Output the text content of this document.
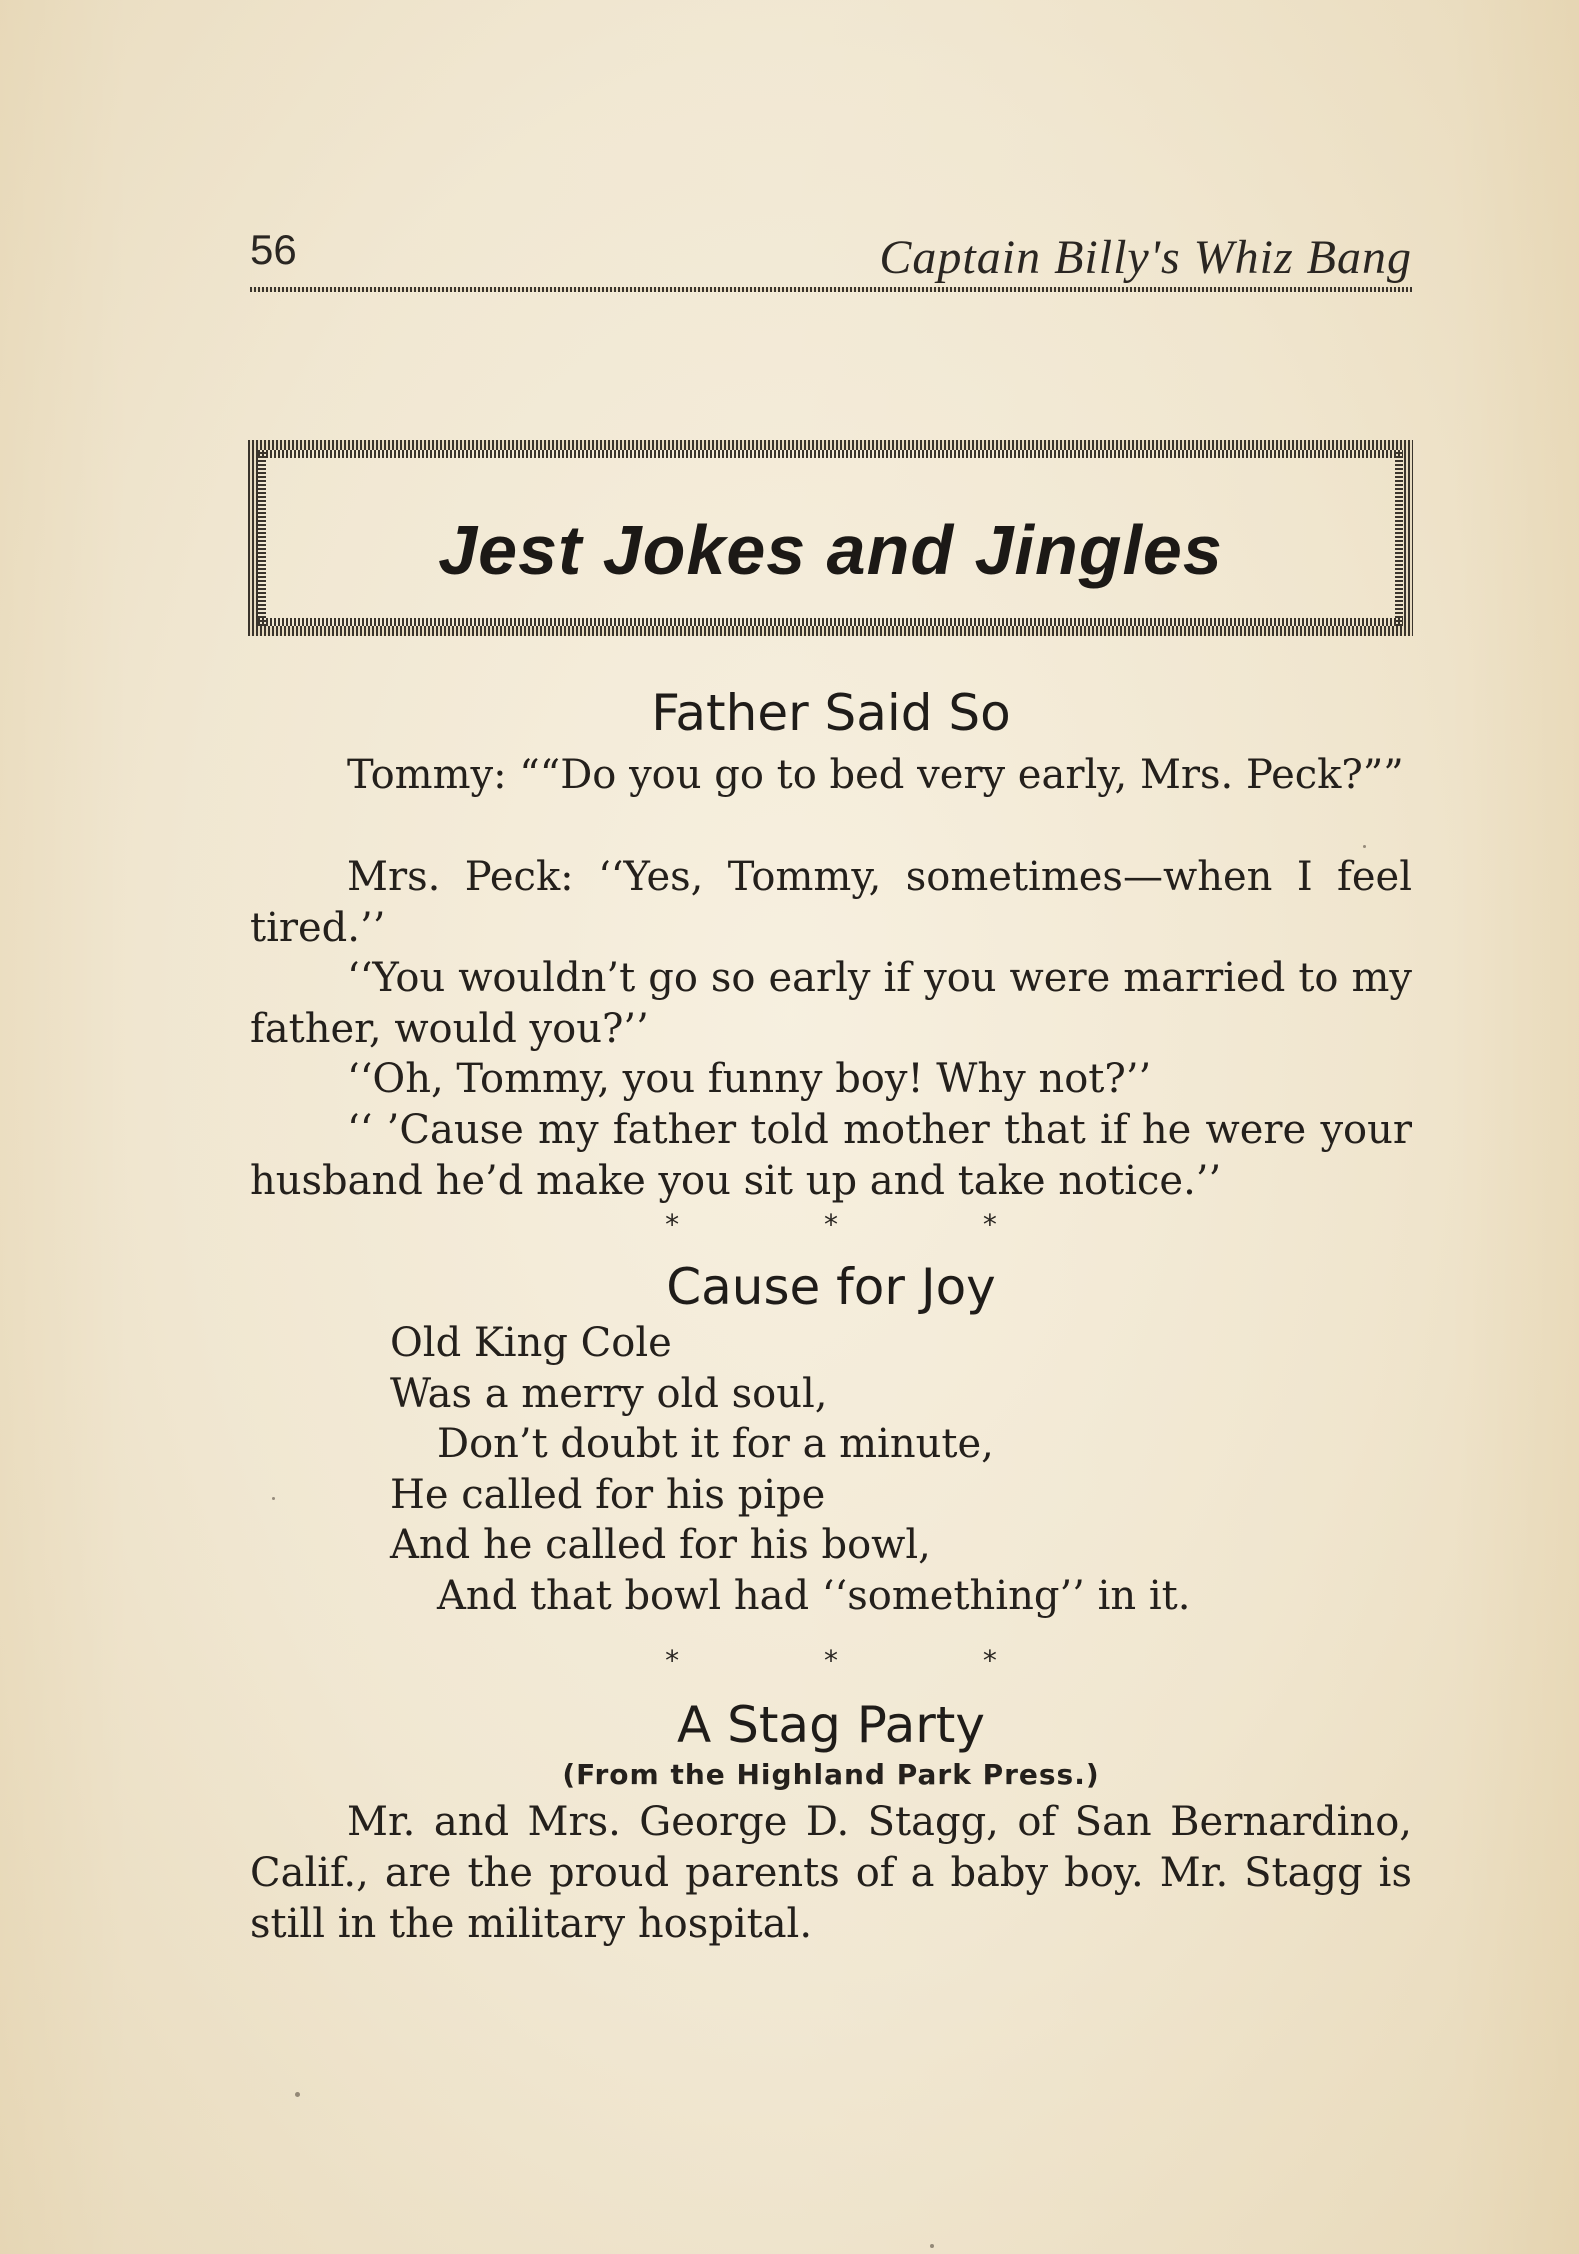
56	Captain Billy's Whiz Bang
Jest Jokes and Jingles
Father Said So

Tommy: ““Do you go to bed very early, Mrs. Peck?””

Mrs. Peck: ‘‘Yes, Tommy, sometimes—when I feel tired.’’

‘‘You wouldn’t go so early if you were married to my father, would you?’’

‘‘Oh, Tommy, you funny boy! Why not?’’

‘‘ ’Cause my father told mother that if he were your husband he’d make you sit up and take notice.’’

* * *
Cause for Joy
Old King Cole
Was a merry old soul,
Don’t doubt it for a minute,
He called for his pipe
And he called for his bowl,
And that bowl had ‘‘something’’ in it.
* * *
A Stag Party
(From the Highland Park Press.)

Mr. and Mrs. George D. Stagg, of San Bernardino, Calif., are the proud parents of a baby boy. Mr. Stagg is still in the military hospital.
